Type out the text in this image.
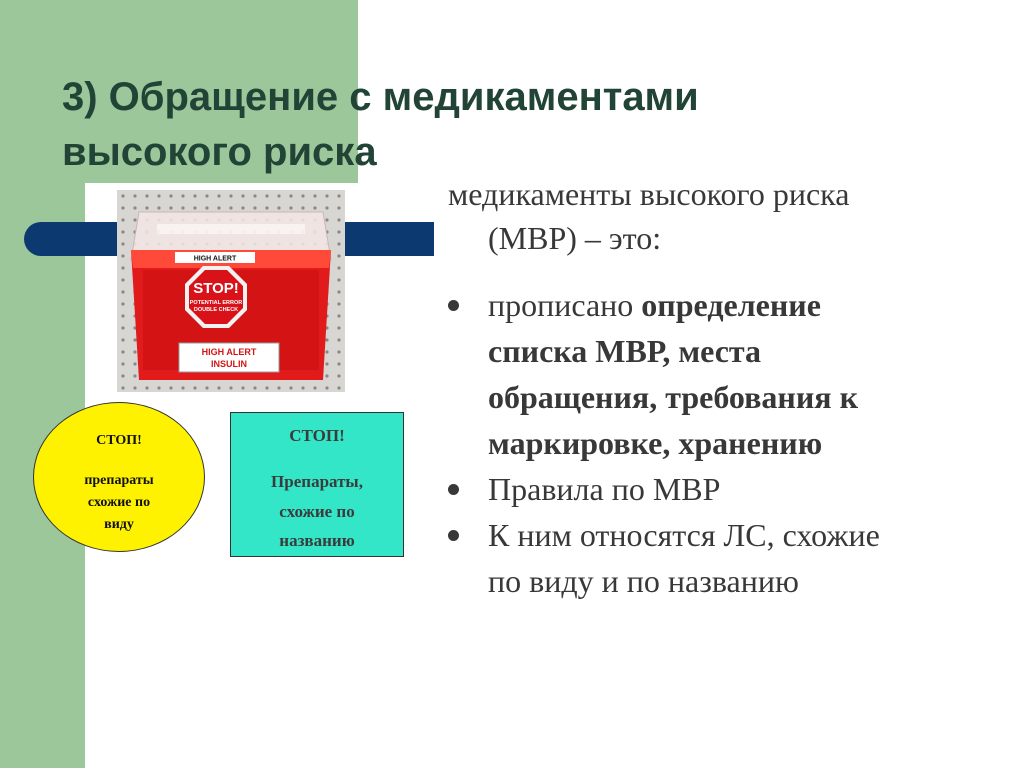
3) Обращение с медикаментами
высокого риска
HIGH ALERT
STOP!
POTENTIAL ERROR
DOUBLE CHECK
HIGH ALERT
INSULIN
СТОП!
препараты
схожие по
виду
СТОП!
Препараты,
схожие по
названию
медикаменты высокого риска
(МВР) – это:
прописано определение
списка МВР, места
обращения, требования к
маркировке, хранению
Правила по МВР
К ним относятся ЛС, схожие
по виду и по названию
